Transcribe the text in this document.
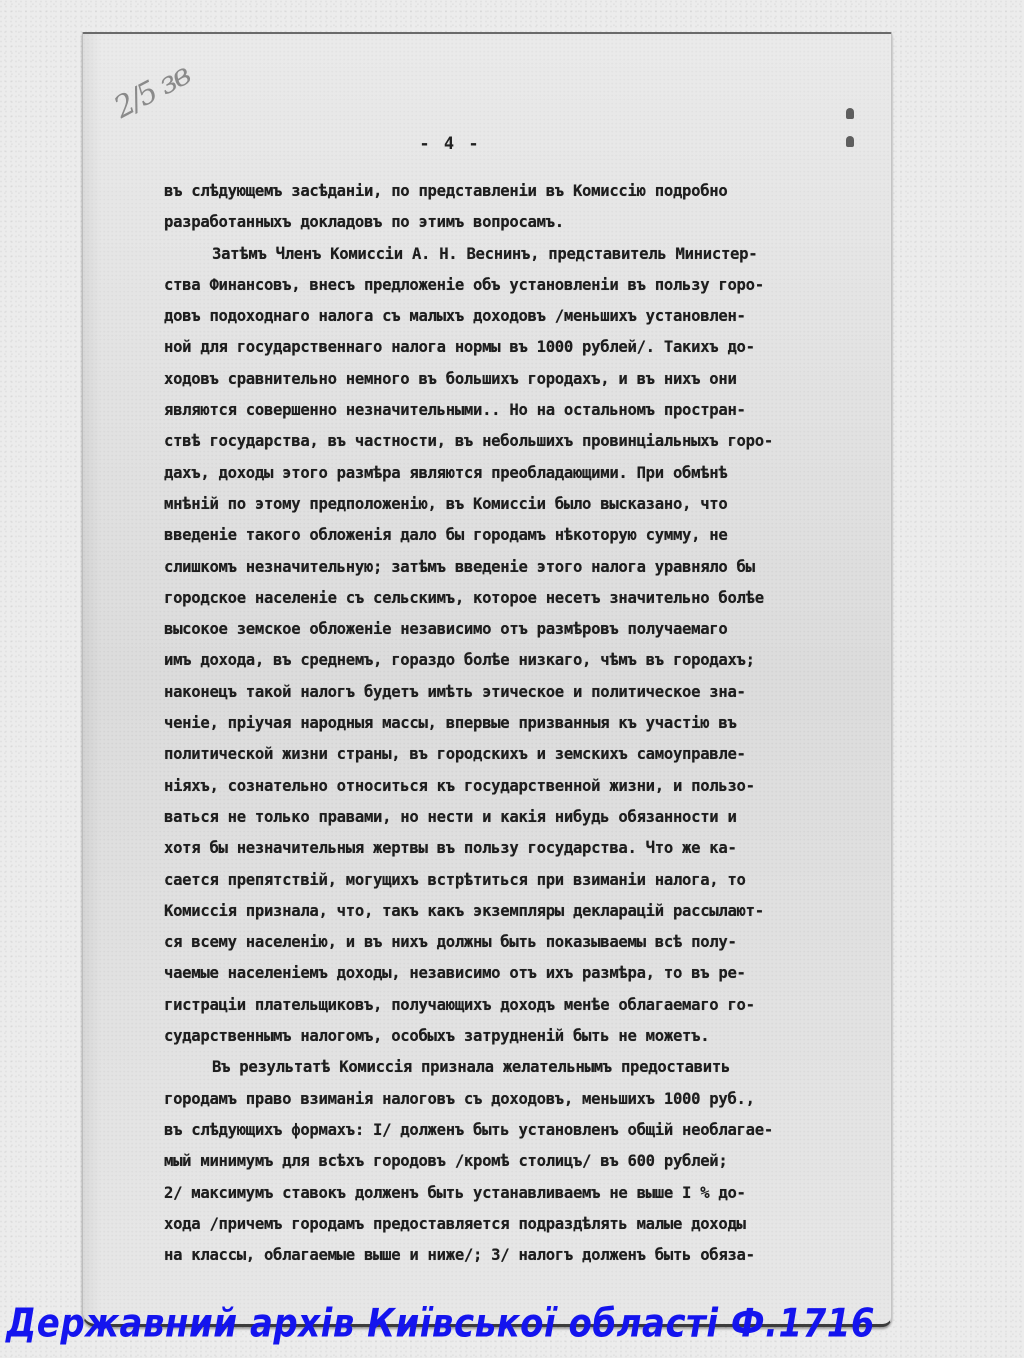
2/5 зв
- 4 -
въ слѣдующемъ засѣданіи, по представленіи въ Комиссію подробно
разработанныхъ докладовъ по этимъ вопросамъ.
Затѣмъ Членъ Комиссіи А. Н. Веснинъ, представитель Министер-
ства Финансовъ, внесъ предложеніе объ установленіи въ пользу горо-
довъ подоходнаго налога съ малыхъ доходовъ /меньшихъ установлен-
ной для государственнаго налога нормы въ 1000 рублей/. Такихъ до-
ходовъ сравнительно немного въ большихъ городахъ, и въ нихъ они
являются совершенно незначительными.. Но на остальномъ простран-
ствѣ государства, въ частности, въ небольшихъ провинціальныхъ горо-
дахъ, доходы этого размѣра являются преобладающими. При обмѣнѣ
мнѣній по этому предположенію, въ Комиссіи было высказано, что
введеніе такого обложенія дало бы городамъ нѣкоторую сумму, не
слишкомъ незначительную; затѣмъ введеніе этого налога уравняло бы
городское населеніе съ сельскимъ, которое несетъ значительно болѣе
высокое земское обложеніе независимо отъ размѣровъ получаемаго
имъ дохода, въ среднемъ, гораздо болѣе низкаго, чѣмъ въ городахъ;
наконецъ такой налогъ будетъ имѣть этическое и политическое зна-
ченіе, пріучая народныя массы, впервые призванныя къ участію въ
политической жизни страны, въ городскихъ и земскихъ самоуправле-
ніяхъ, сознательно относиться къ государственной жизни, и пользо-
ваться не только правами, но нести и какія нибудь обязанности и
хотя бы незначительныя жертвы въ пользу государства. Что же ка-
сается препятствій, могущихъ встрѣтиться при взиманіи налога, то
Комиссія признала, что, такъ какъ экземпляры декларацій рассылают-
ся всему населенію, и въ нихъ должны быть показываемы всѣ полу-
чаемые населеніемъ доходы, независимо отъ ихъ размѣра, то въ ре-
гистраціи плательщиковъ, получающихъ доходъ менѣе облагаемаго го-
сударственнымъ налогомъ, особыхъ затрудненій быть не можетъ.
Въ результатѣ Комиссія признала желательнымъ предоставить
городамъ право взиманія налоговъ съ доходовъ, меньшихъ 1000 руб.,
въ слѣдующихъ формахъ: I/ долженъ быть установленъ общій необлагае-
мый минимумъ для всѣхъ городовъ /кромѣ столицъ/ въ 600 рублей;
2/ максимумъ ставокъ долженъ быть устанавливаемъ не выше I % до-
хода /причемъ городамъ предоставляется подраздѣлять малые доходы
на классы, облагаемые выше и ниже/; 3/ налогъ долженъ быть обяза-
Державний архів Київської області Ф.1716
